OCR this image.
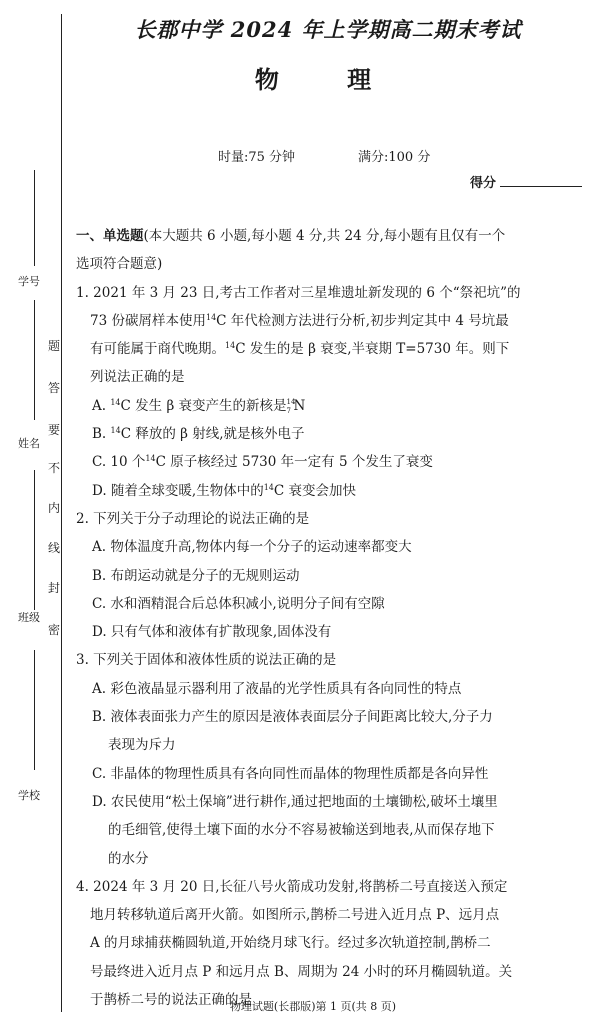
学号
姓名
班级
学校
题
答
要
不
内
线
封
密
长郡中学 2024 年上学期高二期末考试
物 理
时量:75 分钟	满分:100 分
得分
一、单选题(本大题共 6 小题,每小题 4 分,共 24 分,每小题有且仅有一个
选项符合题意)
1. 2021 年 3 月 23 日,考古工作者对三星堆遗址新发现的 6 个“祭祀坑”的
73 份碳屑样本使用$^{14}$C 年代检测方法进行分析,初步判定其中 4 号坑最
有可能属于商代晚期。$^{14}$C 发生的是 β 衰变,半衰期 T=5730 年。则下
列说法正确的是
A. $^{14}$C 发生 β 衰变产生的新核是 14
7 N
B. $^{14}$C 释放的 β 射线,就是核外电子
C. 10 个$^{14}$C 原子核经过 5730 年一定有 5 个发生了衰变
D. 随着全球变暖,生物体中的$^{14}$C 衰变会加快
2. 下列关于分子动理论的说法正确的是
A. 物体温度升高,物体内每一个分子的运动速率都变大
B. 布朗运动就是分子的无规则运动
C. 水和酒精混合后总体积减小,说明分子间有空隙
D. 只有气体和液体有扩散现象,固体没有
3. 下列关于固体和液体性质的说法正确的是
A. 彩色液晶显示器利用了液晶的光学性质具有各向同性的特点
B. 液体表面张力产生的原因是液体表面层分子间距离比较大,分子力
表现为斥力
C. 非晶体的物理性质具有各向同性而晶体的物理性质都是各向异性
D. 农民使用“松土保墒”进行耕作,通过把地面的土壤锄松,破坏土壤里
的毛细管,使得土壤下面的水分不容易被输送到地表,从而保存地下
的水分
4. 2024 年 3 月 20 日,长征八号火箭成功发射,将鹊桥二号直接送入预定
地月转移轨道后离开火箭。如图所示,鹊桥二号进入近月点 P、远月点
A 的月球捕获椭圆轨道,开始绕月球飞行。经过多次轨道控制,鹊桥二
号最终进入近月点 P 和远月点 B、周期为 24 小时的环月椭圆轨道。关
于鹊桥二号的说法正确的是
物理试题(长郡版)第 1 页(共 8 页)
